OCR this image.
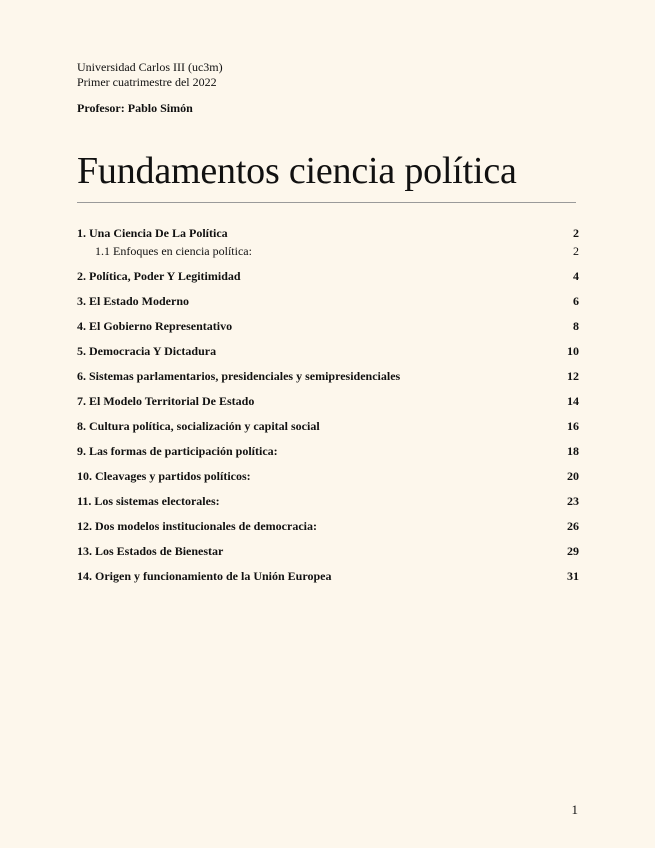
Universidad Carlos III (uc3m)
Primer cuatrimestre del 2022
Profesor: Pablo Simón
Fundamentos ciencia política
1. Una Ciencia De La Política	2
1.1 Enfoques en ciencia política:	2
2. Política, Poder Y Legitimidad	4
3. El Estado Moderno	6
4. El Gobierno Representativo	8
5. Democracia Y Dictadura	10
6. Sistemas parlamentarios, presidenciales y semipresidenciales	12
7. El Modelo Territorial De Estado	14
8. Cultura política, socialización y capital social	16
9. Las formas de participación política:	18
10. Cleavages y partidos políticos:	20
11. Los sistemas electorales:	23
12. Dos modelos institucionales de democracia:	26
13. Los Estados de Bienestar	29
14. Origen y funcionamiento de la Unión Europea	31
1
